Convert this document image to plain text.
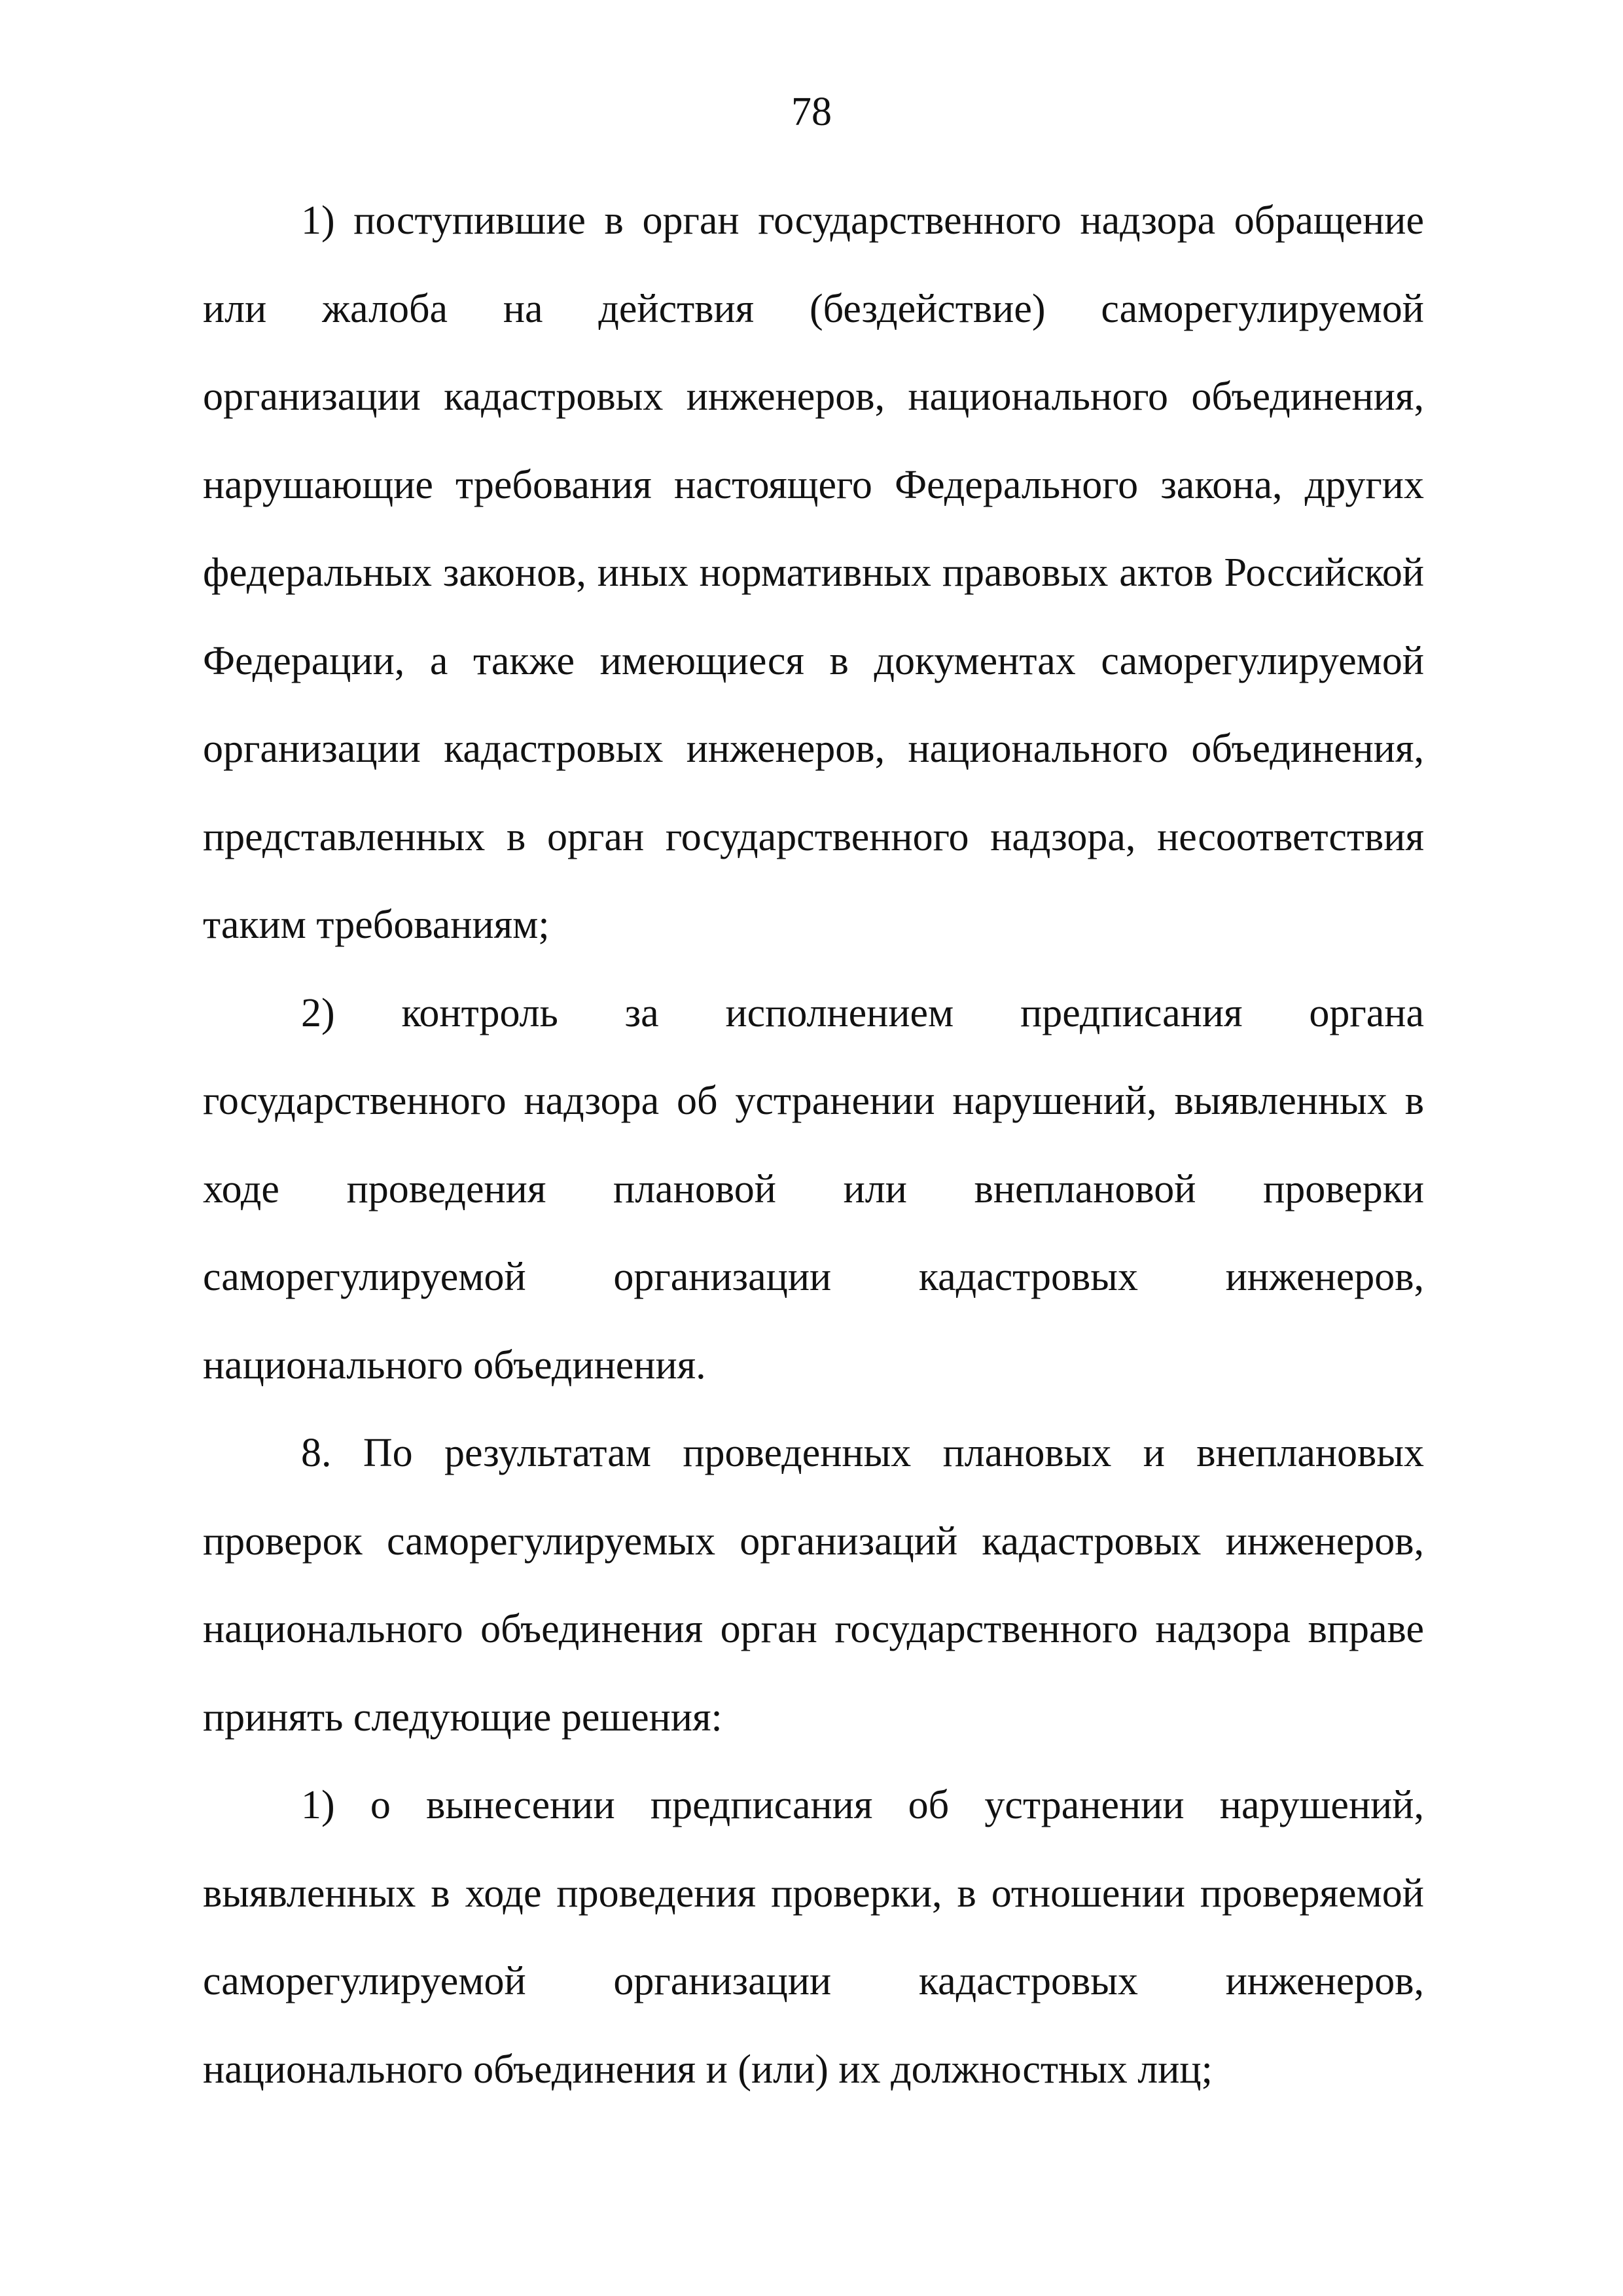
78

1) поступившие в орган государственного надзора обращение или жалоба на действия (бездействие) саморегулируемой организации кадастровых инженеров, национального объединения, нарушающие требования настоящего Федерального закона, других федеральных законов, иных нормативных правовых актов Российской Федерации, а также имеющиеся в документах саморегулируемой организации кадастровых инженеров, национального объединения, представленных в орган государственного надзора, несоответствия таким требованиям;

2) контроль за исполнением предписания органа государственного надзора об устранении нарушений, выявленных в ходе проведения плановой или внеплановой проверки саморегулируемой организации кадастровых инженеров, национального объединения.

8. По результатам проведенных плановых и внеплановых проверок саморегулируемых организаций кадастровых инженеров, национального объединения орган государственного надзора вправе принять следующие решения:

1) о вынесении предписания об устранении нарушений, выявленных в ходе проведения проверки, в отношении проверяемой саморегулируемой организации кадастровых инженеров, национального объединения и (или) их должностных лиц;
